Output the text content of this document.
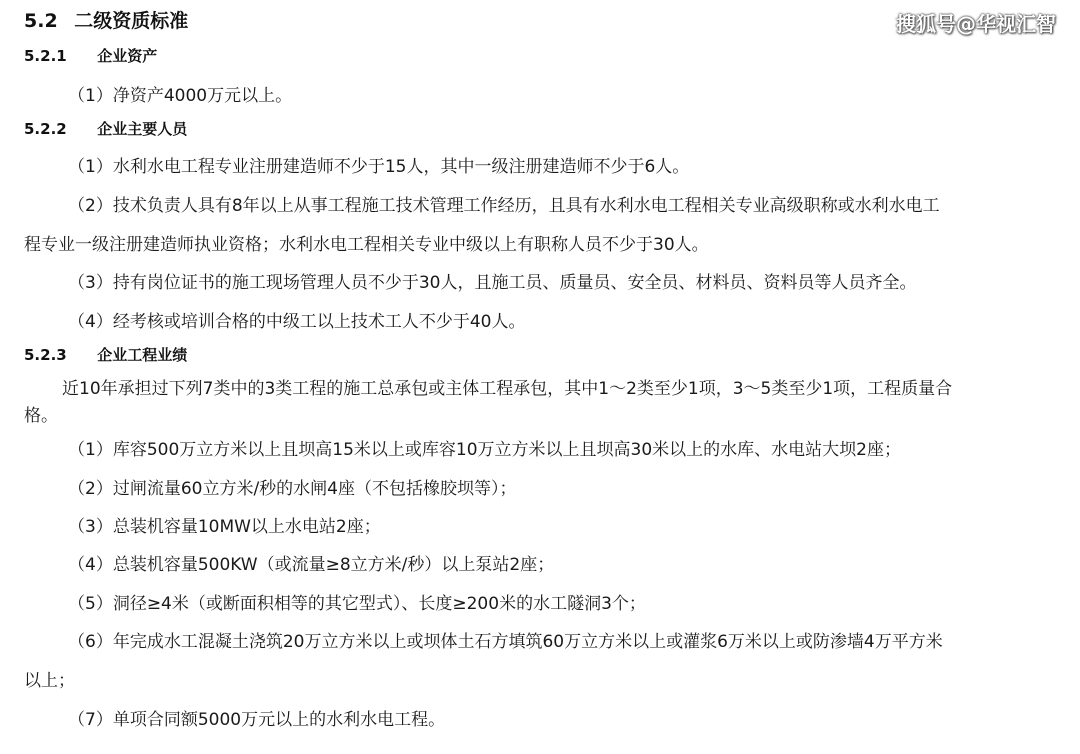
搜狐号@华视汇智
5.2 二级资质标准
5.2.1 企业资产
（1）净资产4000万元以上。
5.2.2 企业主要人员
（1）水利水电工程专业注册建造师不少于15人，其中一级注册建造师不少于6人。
（2）技术负责人具有8年以上从事工程施工技术管理工作经历，且具有水利水电工程相关专业高级职称或水利水电工
程专业一级注册建造师执业资格；水利水电工程相关专业中级以上有职称人员不少于30人。
（3）持有岗位证书的施工现场管理人员不少于30人，且施工员、质量员、安全员、材料员、资料员等人员齐全。
（4）经考核或培训合格的中级工以上技术工人不少于40人。
5.2.3 企业工程业绩
近10年承担过下列7类中的3类工程的施工总承包或主体工程承包，其中1～2类至少1项，3～5类至少1项，工程质量合
格。
（1）库容500万立方米以上且坝高15米以上或库容10万立方米以上且坝高30米以上的水库、水电站大坝2座；
（2）过闸流量60立方米/秒的水闸4座（不包括橡胶坝等）；
（3）总装机容量10MW以上水电站2座；
（4）总装机容量500KW（或流量≥8立方米/秒）以上泵站2座；
（5）洞径≥4米（或断面积相等的其它型式）、长度≥200米的水工隧洞3个；
（6）年完成水工混凝土浇筑20万立方米以上或坝体土石方填筑60万立方米以上或灌浆6万米以上或防渗墙4万平方米
以上；
（7）单项合同额5000万元以上的水利水电工程。
